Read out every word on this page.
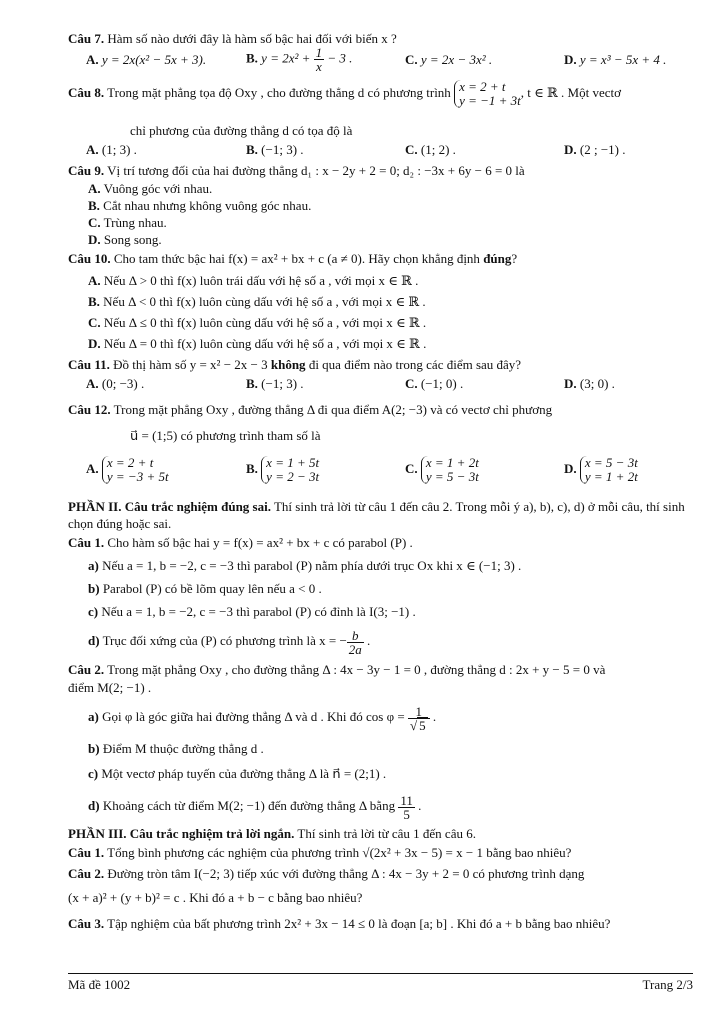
Câu 7. Hàm số nào dưới đây là hàm số bậc hai đối với biến x ?
A. y = 2x(x² − 5x + 3).	B. $y = 2x^2 + \frac{1}{x} - 3$ .	C. y = 2x − 3x² .	D. y = x³ − 5x + 4 .
Câu 8. Trong mặt phẳng tọa độ Oxy , cho đường thẳng d có phương trình x = 2 + t
y = −1 + 3t
, t ∈ ℝ . Một vectơ
chỉ phương của đường thẳng d có tọa độ là
A. (1; 3) .	B. (−1; 3) .	C. (1; 2) .	D. (2 ; −1) .
Câu 9. Vị trí tương đối của hai đường thẳng d₁ : x − 2y + 2 = 0; d₂ : −3x + 6y − 6 = 0 là
A. Vuông góc với nhau.
B. Cắt nhau nhưng không vuông góc nhau.
C. Trùng nhau.
D. Song song.
Câu 10. Cho tam thức bậc hai f(x) = ax² + bx + c (a ≠ 0). Hãy chọn khẳng định đúng?
A. Nếu Δ > 0 thì f(x) luôn trái dấu với hệ số a , với mọi x ∈ ℝ .
B. Nếu Δ < 0 thì f(x) luôn cùng dấu với hệ số a , với mọi x ∈ ℝ .
C. Nếu Δ ≤ 0 thì f(x) luôn cùng dấu với hệ số a , với mọi x ∈ ℝ .
D. Nếu Δ = 0 thì f(x) luôn cùng dấu với hệ số a , với mọi x ∈ ℝ .
Câu 11. Đồ thị hàm số y = x² − 2x − 3 không đi qua điểm nào trong các điểm sau đây?
A. (0; −3) .	B. (−1; 3) .	C. (−1; 0) .	D. (3; 0) .
Câu 12. Trong mặt phẳng Oxy , đường thẳng Δ đi qua điểm A(2; −3) và có vectơ chỉ phương
u⃗ = (1;5) có phương trình tham số là
A. x = 2 + t
y = −3 + 5t
B. x = 1 + 5t
y = 2 − 3t
C. x = 1 + 2t
y = 5 − 3t
D. x = 5 − 3t
y = 1 + 2t
PHẦN II. Câu trắc nghiệm đúng sai. Thí sinh trả lời từ câu 1 đến câu 2. Trong mỗi ý a), b), c), d) ở mỗi câu, thí sinh chọn đúng hoặc sai.
Câu 1. Cho hàm số bậc hai y = f(x) = ax² + bx + c có parabol (P) .
a) Nếu a = 1, b = −2, c = −3 thì parabol (P) nằm phía dưới trục Ox khi x ∈ (−1; 3) .
b) Parabol (P) có bề lõm quay lên nếu a < 0 .
c) Nếu a = 1, b = −2, c = −3 thì parabol (P) có đỉnh là I(3; −1) .
d) Trục đối xứng của (P) có phương trình là x = − $\frac{b}{2a}$ .
Câu 2. Trong mặt phẳng Oxy , cho đường thẳng Δ : 4x − 3y − 1 = 0 , đường thẳng d : 2x + y − 5 = 0 và
điểm M(2; −1) .
a) Gọi φ là góc giữa hai đường thẳng Δ và d . Khi đó $\cos \varphi = \frac{1}{√ 5}$ .
b) Điểm M thuộc đường thẳng d .
c) Một vectơ pháp tuyến của đường thẳng Δ là n⃗ = (2;1) .
d) Khoảng cách từ điểm M(2; −1) đến đường thẳng Δ bằng $\frac{11}{5}$ .
PHẦN III. Câu trắc nghiệm trả lời ngắn. Thí sinh trả lời từ câu 1 đến câu 6.
Câu 1. Tổng bình phương các nghiệm của phương trình √(2x² + 3x − 5) = x − 1 bằng bao nhiêu?
Câu 2. Đường tròn tâm I(−2; 3) tiếp xúc với đường thẳng Δ : 4x − 3y + 2 = 0 có phương trình dạng
(x + a)² + (y + b)² = c . Khi đó a + b − c bằng bao nhiêu?
Câu 3. Tập nghiệm của bất phương trình 2x² + 3x − 14 ≤ 0 là đoạn [a; b] . Khi đó a + b bằng bao nhiêu?
Mã đề 1002	Trang 2/3
